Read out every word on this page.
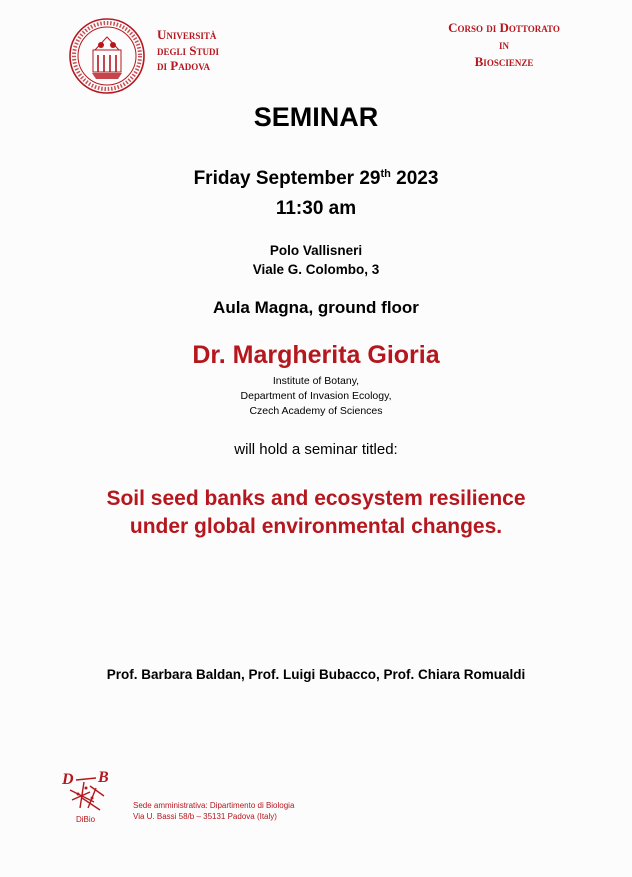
Università
degli Studi
di Padova
Corso di Dottorato
in
Bioscienze
SEMINAR
Friday September 29th 2023
11:30 am
Polo Vallisneri
Viale G. Colombo, 3
Aula Magna, ground floor
Dr. Margherita Gioria
Institute of Botany,
Department of Invasion Ecology,
Czech Academy of Sciences
will hold a seminar titled:
Soil seed banks and ecosystem resilience
under global environmental changes.
Prof. Barbara Baldan, Prof. Luigi Bubacco, Prof. Chiara Romualdi
D B
DiBio
Sede amministrativa: Dipartimento di Biologia
Via U. Bassi 58/b – 35131 Padova (Italy)
